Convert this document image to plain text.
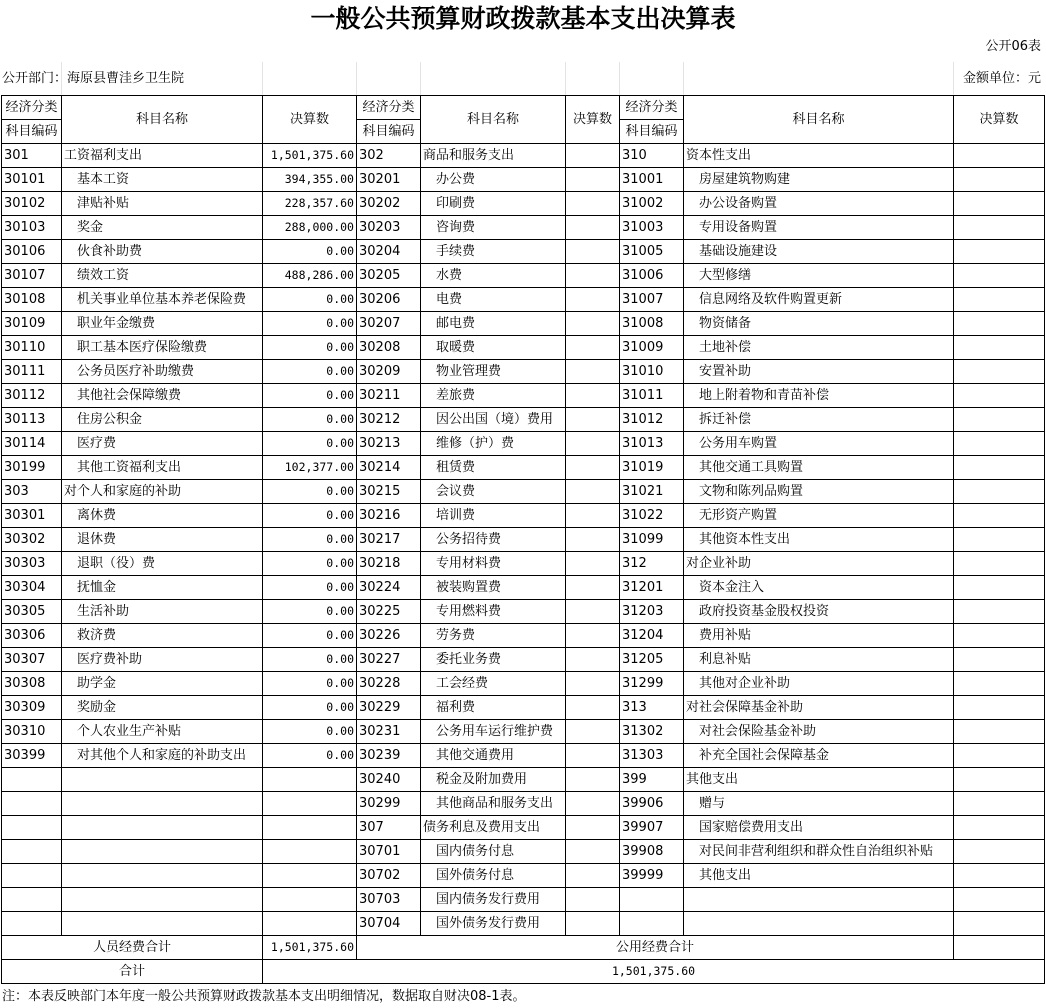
一般公共预算财政拨款基本支出决算表
公开06表
公开部门：海原县曹洼乡卫生院	金额单位：元
经济分类	科目名称	决算数	经济分类	科目名称	决算数	经济分类	科目名称	决算数
科目编码			科目编码			科目编码		
301	工资福利支出	1,501,375.60	302	商品和服务支出		310	资本性支出	
30101	基本工资	394,355.00	30201	办公费		31001	房屋建筑物购建	
30102	津贴补贴	228,357.60	30202	印刷费		31002	办公设备购置	
30103	奖金	288,000.00	30203	咨询费		31003	专用设备购置	
30106	伙食补助费	0.00	30204	手续费		31005	基础设施建设	
30107	绩效工资	488,286.00	30205	水费		31006	大型修缮	
30108	机关事业单位基本养老保险费	0.00	30206	电费		31007	信息网络及软件购置更新	
30109	职业年金缴费	0.00	30207	邮电费		31008	物资储备	
30110	职工基本医疗保险缴费	0.00	30208	取暖费		31009	土地补偿	
30111	公务员医疗补助缴费	0.00	30209	物业管理费		31010	安置补助	
30112	其他社会保障缴费	0.00	30211	差旅费		31011	地上附着物和青苗补偿	
30113	住房公积金	0.00	30212	因公出国（境）费用		31012	拆迁补偿	
30114	医疗费	0.00	30213	维修（护）费		31013	公务用车购置	
30199	其他工资福利支出	102,377.00	30214	租赁费		31019	其他交通工具购置	
303	对个人和家庭的补助	0.00	30215	会议费		31021	文物和陈列品购置	
30301	离休费	0.00	30216	培训费		31022	无形资产购置	
30302	退休费	0.00	30217	公务招待费		31099	其他资本性支出	
30303	退职（役）费	0.00	30218	专用材料费		312	对企业补助	
30304	抚恤金	0.00	30224	被装购置费		31201	资本金注入	
30305	生活补助	0.00	30225	专用燃料费		31203	政府投资基金股权投资	
30306	救济费	0.00	30226	劳务费		31204	费用补贴	
30307	医疗费补助	0.00	30227	委托业务费		31205	利息补贴	
30308	助学金	0.00	30228	工会经费		31299	其他对企业补助	
30309	奖励金	0.00	30229	福利费		313	对社会保障基金补助	
30310	个人农业生产补贴	0.00	30231	公务用车运行维护费		31302	对社会保险基金补助	
30399	对其他个人和家庭的补助支出	0.00	30239	其他交通费用		31303	补充全国社会保障基金	
			30240	税金及附加费用		399	其他支出	
			30299	其他商品和服务支出		39906	赠与	
			307	债务利息及费用支出		39907	国家赔偿费用支出	
			30701	国内债务付息		39908	对民间非营利组织和群众性自治组织补贴	
			30702	国外债务付息		39999	其他支出	
			30703	国内债务发行费用				
			30704	国外债务发行费用				
人员经费合计		1,501,375.60	公用经费合计					
合计		1,501,375.60						
注：本表反映部门本年度一般公共预算财政拨款基本支出明细情况，数据取自财决08-1表。
